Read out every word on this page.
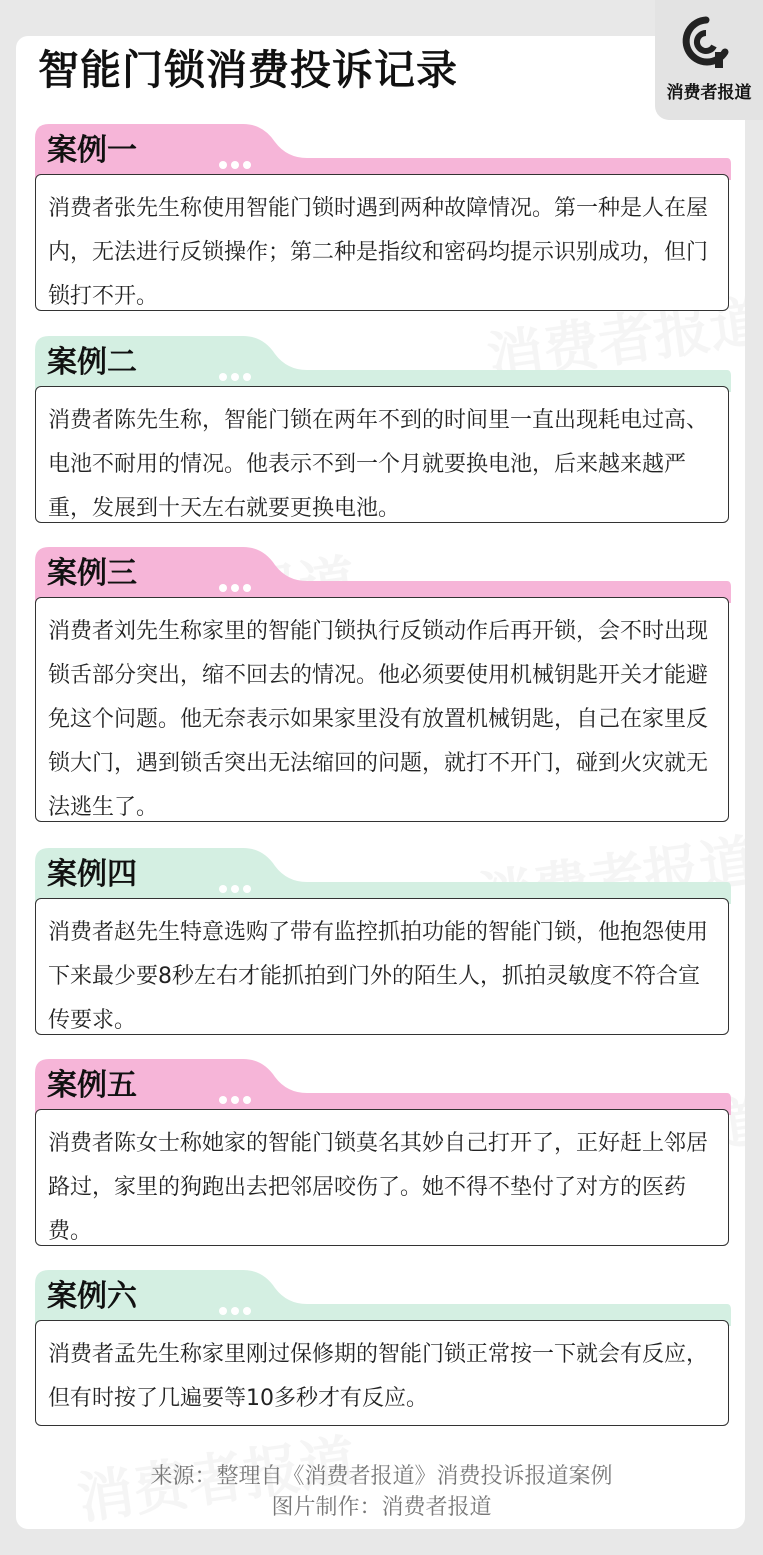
智能门锁消费投诉记录	消费者报道
案例一
消费者张先生称使用智能门锁时遇到两种故障情况。第一种是人在屋内，无法进行反锁操作；第二种是指纹和密码均提示识别成功，但门锁打不开。
案例二
消费者陈先生称，智能门锁在两年不到的时间里一直出现耗电过高、电池不耐用的情况。他表示不到一个月就要换电池，后来越来越严重，发展到十天左右就要更换电池。
案例三
消费者刘先生称家里的智能门锁执行反锁动作后再开锁，会不时出现锁舌部分突出，缩不回去的情况。他必须要使用机械钥匙开关才能避免这个问题。他无奈表示如果家里没有放置机械钥匙，自己在家里反锁大门，遇到锁舌突出无法缩回的问题，就打不开门，碰到火灾就无法逃生了。
案例四
消费者赵先生特意选购了带有监控抓拍功能的智能门锁，他抱怨使用下来最少要8秒左右才能抓拍到门外的陌生人，抓拍灵敏度不符合宣传要求。
案例五
消费者陈女士称她家的智能门锁莫名其妙自己打开了，正好赶上邻居路过，家里的狗跑出去把邻居咬伤了。她不得不垫付了对方的医药费。
案例六
消费者孟先生称家里刚过保修期的智能门锁正常按一下就会有反应，但有时按了几遍要等10多秒才有反应。
来源：整理自《消费者报道》消费投诉报道案例
图片制作：消费者报道
